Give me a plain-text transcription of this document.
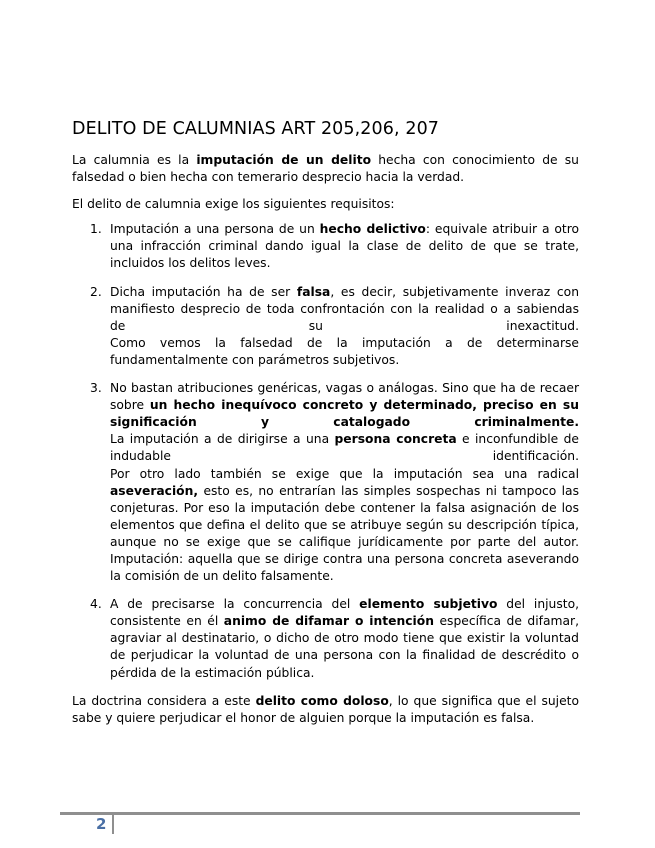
DELITO DE CALUMNIAS ART 205,206, 207

La calumnia es la imputación de un delito hecha con conocimiento de su falsedad o bien hecha con temerario desprecio hacia la verdad.

El delito de calumnia exige los siguientes requisitos:

1. Imputación a una persona de un hecho delictivo: equivale atribuir a otro una infracción criminal dando igual la clase de delito de que se trate, incluidos los delitos leves.
2. Dicha imputación ha de ser falsa, es decir, subjetivamente inveraz con manifiesto desprecio de toda confrontación con la realidad o a sabiendas de su inexactitud.
Como vemos la falsedad de la imputación a de determinarse fundamentalmente con parámetros subjetivos.
3. No bastan atribuciones genéricas, vagas o análogas. Sino que ha de recaer sobre un hecho inequívoco concreto y determinado, preciso en su significación y catalogado criminalmente.
La imputación a de dirigirse a una persona concreta e inconfundible de indudable identificación.
Por otro lado también se exige que la imputación sea una radical aseveración, esto es, no entrarían las simples sospechas ni tampoco las conjeturas. Por eso la imputación debe contener la falsa asignación de los elementos que defina el delito que se atribuye según su descripción típica, aunque no se exige que se califique jurídicamente por parte del autor.
Imputación: aquella que se dirige contra una persona concreta aseverando la comisión de un delito falsamente.
4. A de precisarse la concurrencia del elemento subjetivo del injusto, consistente en él animo de difamar o intención específica de difamar, agraviar al destinatario, o dicho de otro modo tiene que existir la voluntad de perjudicar la voluntad de una persona con la finalidad de descrédito o pérdida de la estimación pública.

La doctrina considera a este delito como doloso, lo que significa que el sujeto sabe y quiere perjudicar el honor de alguien porque la imputación es falsa.

2
